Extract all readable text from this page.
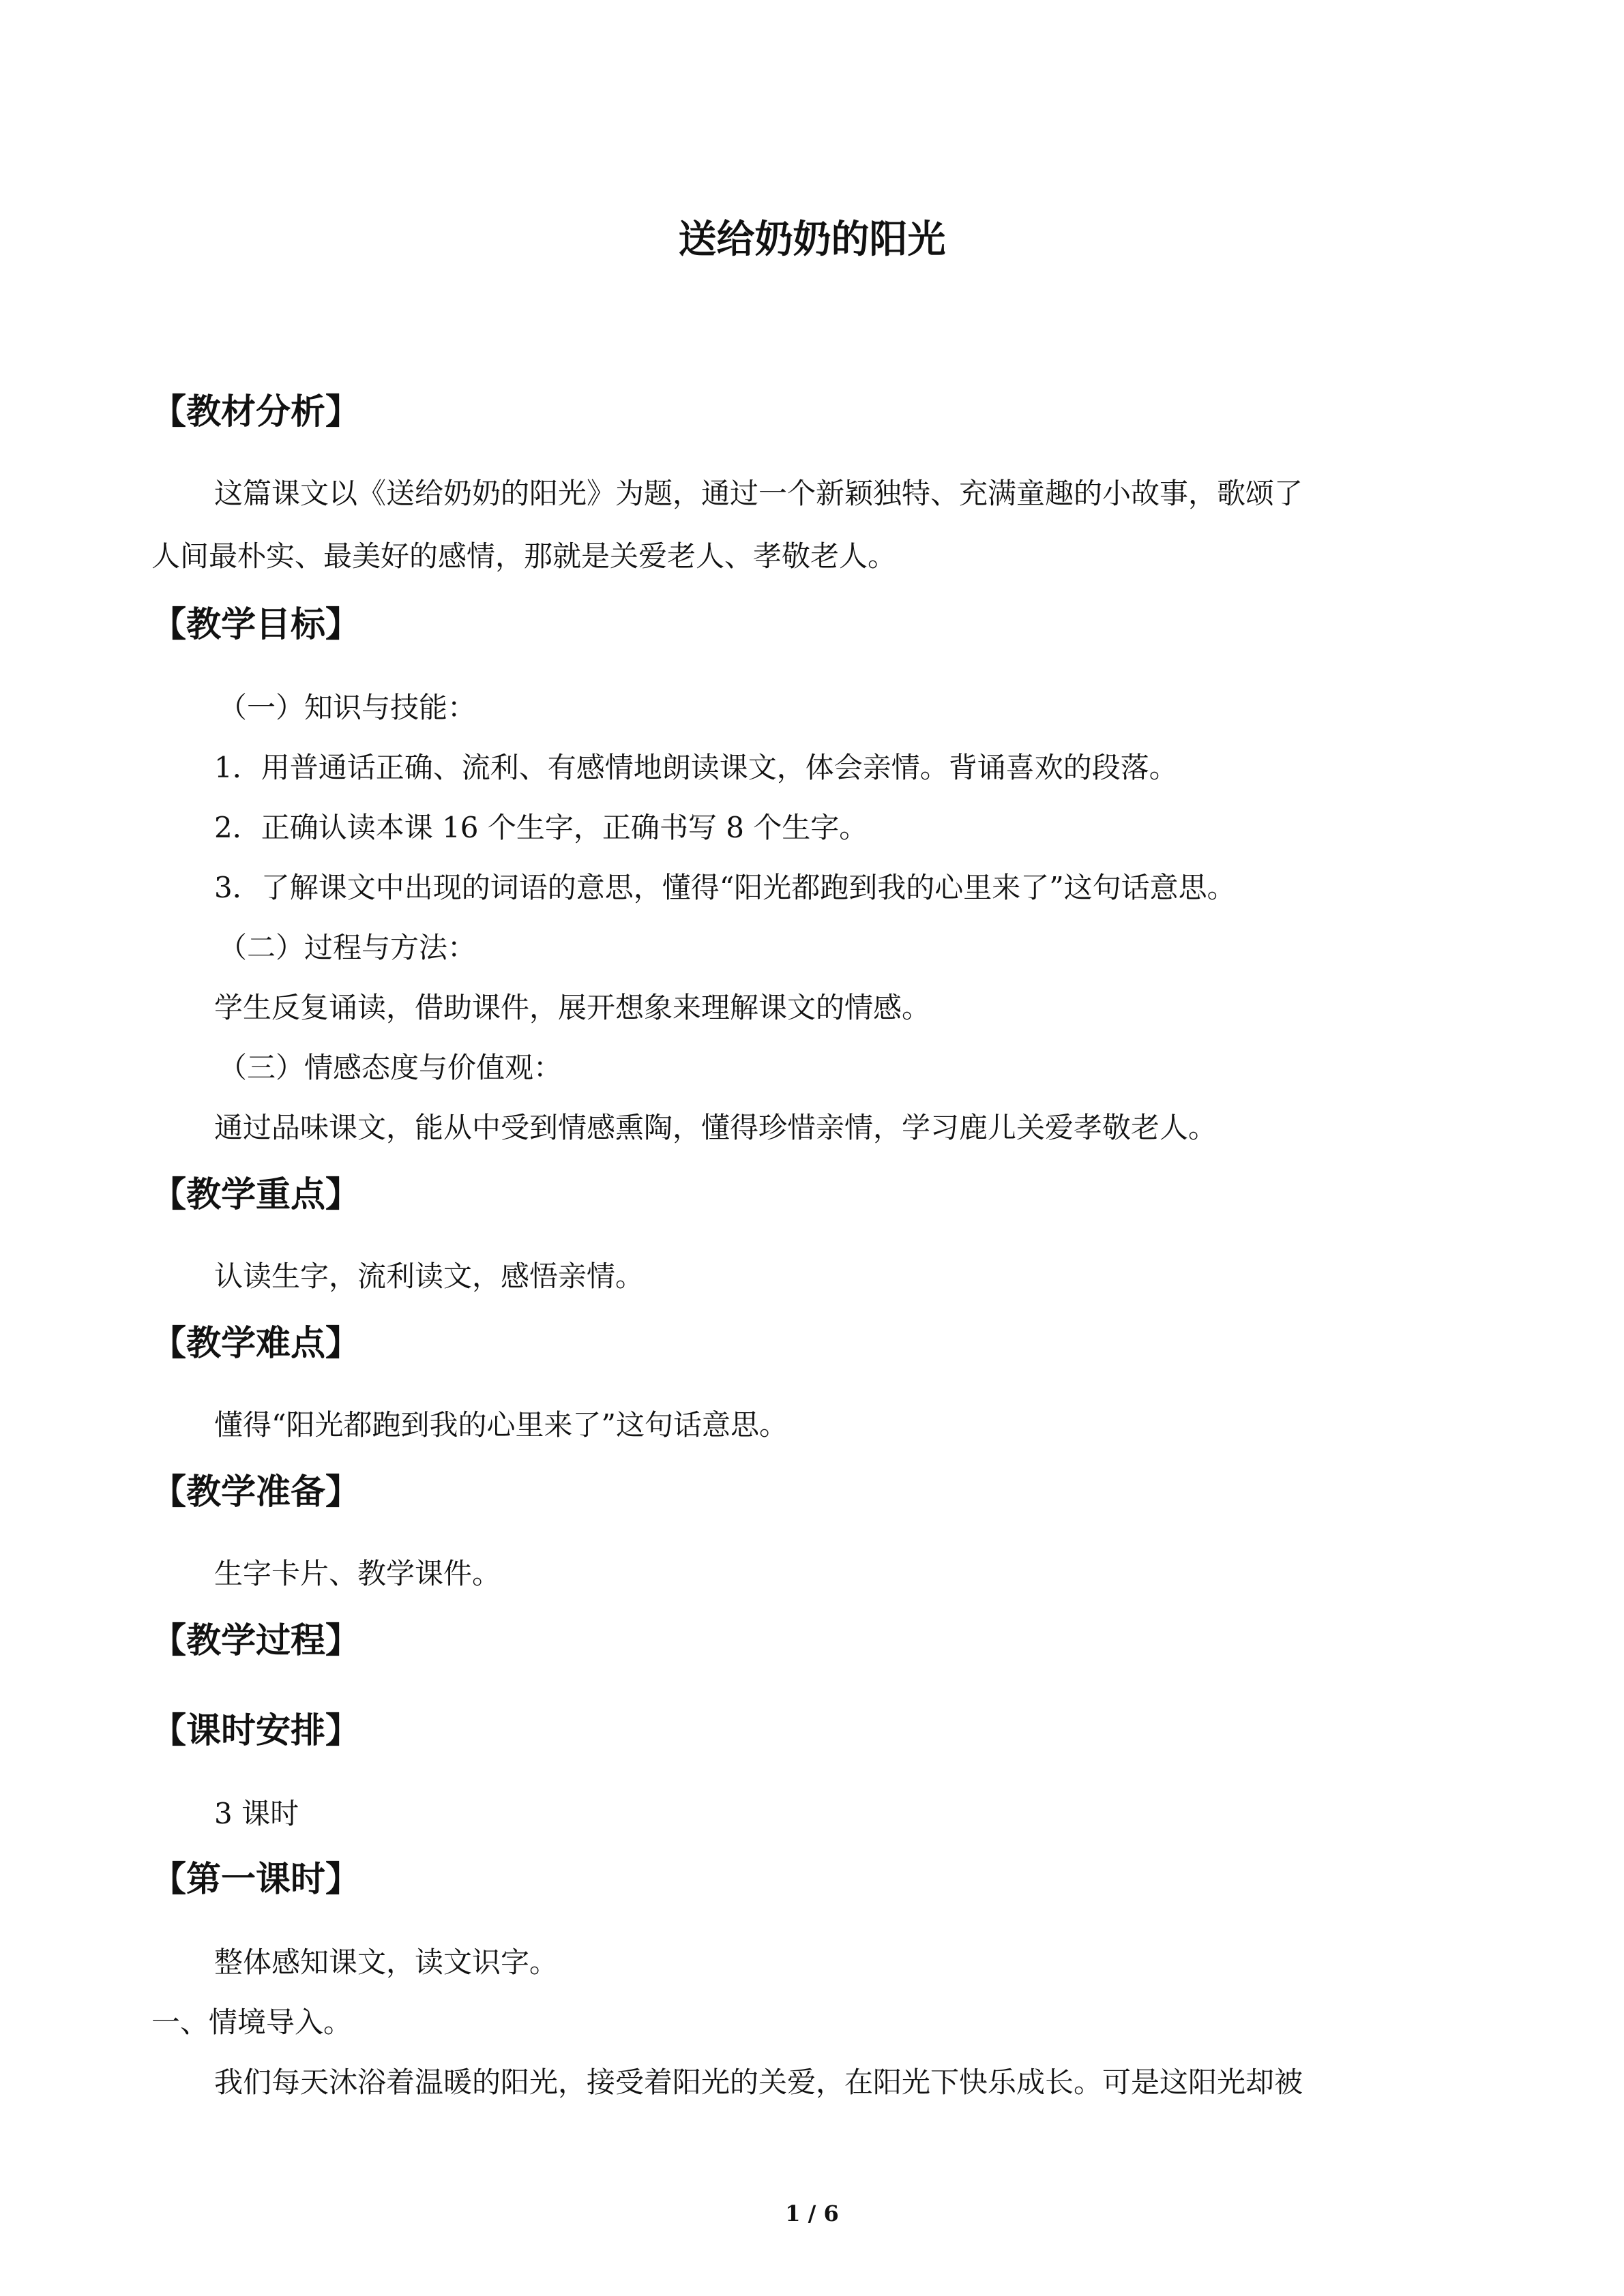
送给奶奶的阳光
【教材分析】

这篇课文以《送给奶奶的阳光》为题，通过一个新颖独特、充满童趣的小故事，歌颂了

人间最朴实、最美好的感情，那就是关爱老人、孝敬老人。

【教学目标】

（一）知识与技能：

1．用普通话正确、流利、有感情地朗读课文，体会亲情。背诵喜欢的段落。

2．正确认读本课 16 个生字，正确书写 8 个生字。

3．了解课文中出现的词语的意思，懂得“阳光都跑到我的心里来了”这句话意思。

（二）过程与方法：

学生反复诵读，借助课件，展开想象来理解课文的情感。

（三）情感态度与价值观：

通过品味课文，能从中受到情感熏陶，懂得珍惜亲情，学习鹿儿关爱孝敬老人。

【教学重点】

认读生字，流利读文，感悟亲情。

【教学难点】

懂得“阳光都跑到我的心里来了”这句话意思。

【教学准备】

生字卡片、教学课件。

【教学过程】
【课时安排】

3 课时

【第一课时】

整体感知课文，读文识字。

一、情境导入。

我们每天沐浴着温暖的阳光，接受着阳光的关爱，在阳光下快乐成长。可是这阳光却被

1 / 6
